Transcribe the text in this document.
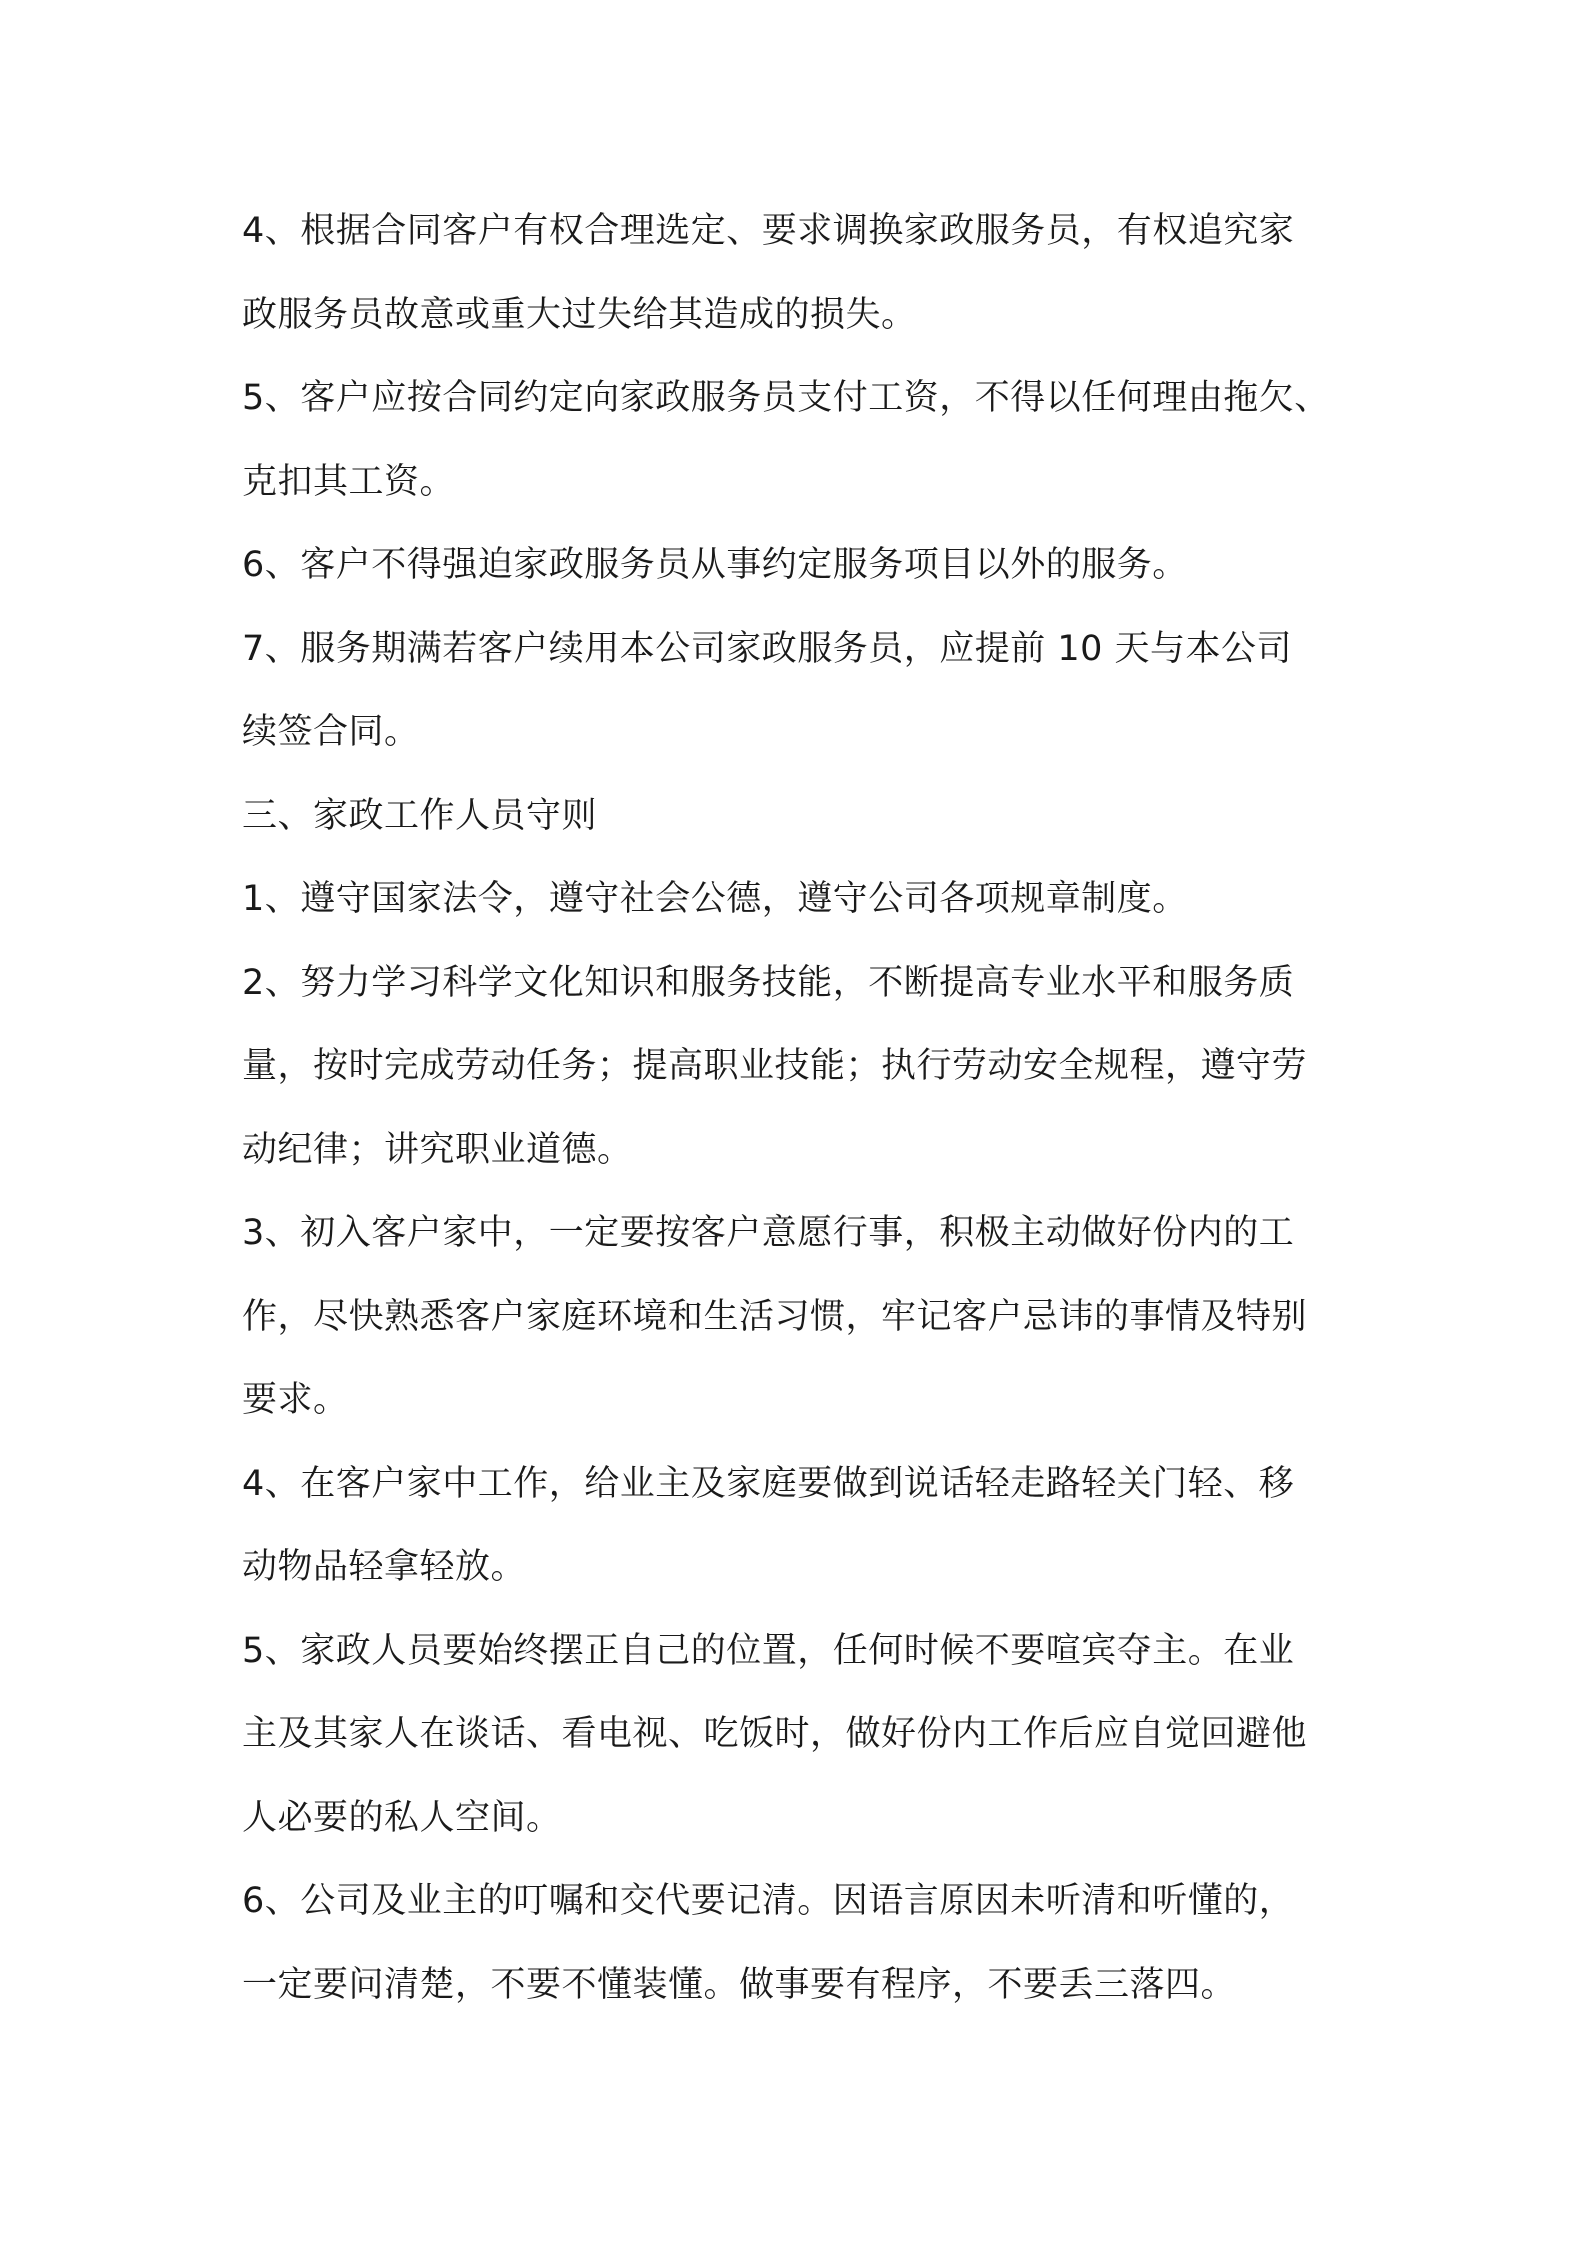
4、根据合同客户有权合理选定、要求调换家政服务员，有权追究家
政服务员故意或重大过失给其造成的损失。
5、客户应按合同约定向家政服务员支付工资，不得以任何理由拖欠、
克扣其工资。
6、客户不得强迫家政服务员从事约定服务项目以外的服务。
7、服务期满若客户续用本公司家政服务员，应提前 10 天与本公司
续签合同。
三、家政工作人员守则
1、遵守国家法令，遵守社会公德，遵守公司各项规章制度。
2、努力学习科学文化知识和服务技能，不断提高专业水平和服务质
量，按时完成劳动任务；提高职业技能；执行劳动安全规程，遵守劳
动纪律；讲究职业道德。
3、初入客户家中，一定要按客户意愿行事，积极主动做好份内的工
作，尽快熟悉客户家庭环境和生活习惯，牢记客户忌讳的事情及特别
要求。
4、在客户家中工作，给业主及家庭要做到说话轻走路轻关门轻、移
动物品轻拿轻放。
5、家政人员要始终摆正自己的位置，任何时候不要喧宾夺主。在业
主及其家人在谈话、看电视、吃饭时，做好份内工作后应自觉回避他
人必要的私人空间。
6、公司及业主的叮嘱和交代要记清。因语言原因未听清和听懂的，
一定要问清楚，不要不懂装懂。做事要有程序，不要丢三落四。
